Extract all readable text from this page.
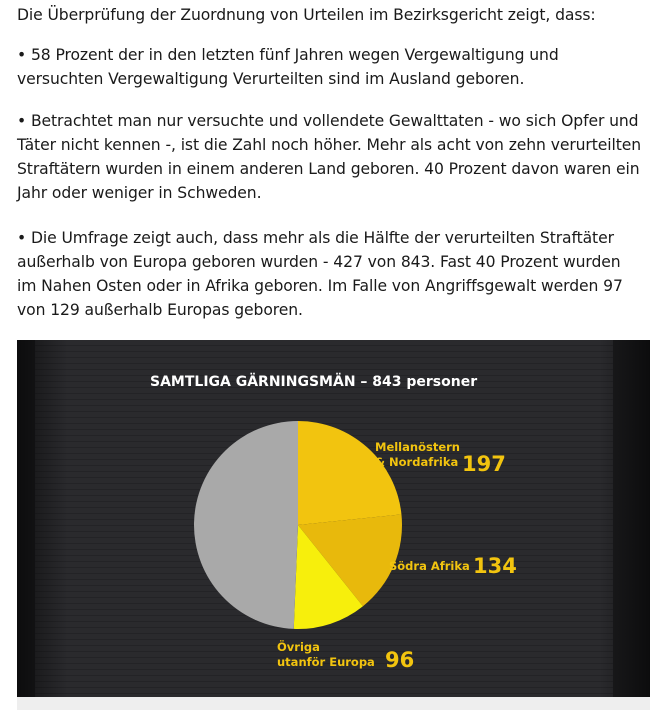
Die Überprüfung der Zuordnung von Urteilen im Bezirksgericht zeigt, dass:

• 58 Prozent der in den letzten fünf Jahren wegen Vergewaltigung und
versuchten Vergewaltigung Verurteilten sind im Ausland geboren.
• Betrachtet man nur versuchte und vollendete Gewalttaten - wo sich Opfer und
Täter nicht kennen -, ist die Zahl noch höher. Mehr als acht von zehn verurteilten
Straftätern wurden in einem anderen Land geboren. 40 Prozent davon waren ein
Jahr oder weniger in Schweden.
• Die Umfrage zeigt auch, dass mehr als die Hälfte der verurteilten Straftäter
außerhalb von Europa geboren wurden - 427 von 843. Fast 40 Prozent wurden
im Nahen Osten oder in Afrika geboren. Im Falle von Angriffsgewalt werden 97
von 129 außerhalb Europas geboren.
SAMTLIGA GÄRNINGSMÄN – 843 personer
Mellanöstern
& Nordafrika 197
Södra Afrika 134
Övriga
utanför Europa 96
